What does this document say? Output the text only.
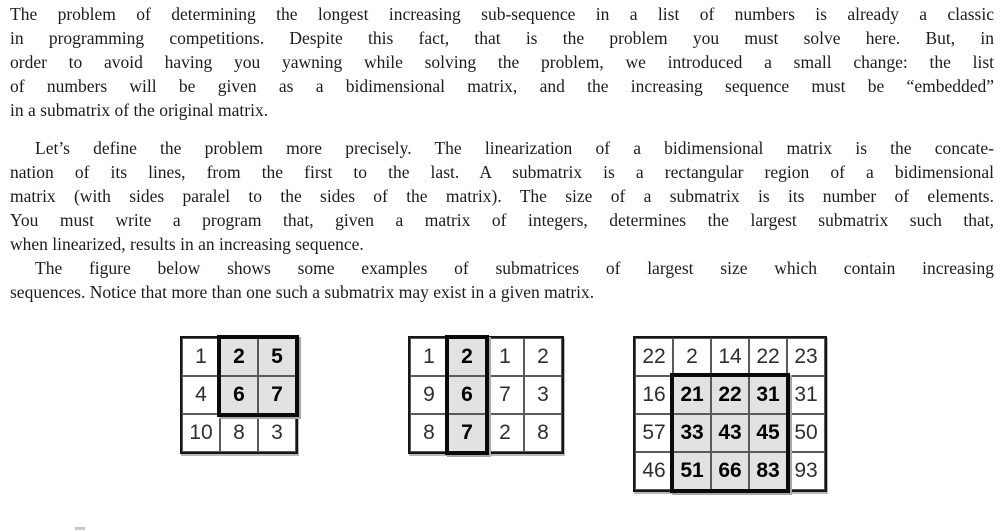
The problem of determining the longest increasing sub-sequence in a list of numbers is already a classic
in programming competitions. Despite this fact, that is the problem you must solve here. But, in
order to avoid having you yawning while solving the problem, we introduced a small change: the list
of numbers will be given as a bidimensional matrix, and the increasing sequence must be “embedded”
in a submatrix of the original matrix.
Let’s define the problem more precisely. The linearization of a bidimensional matrix is the concate-
nation of its lines, from the first to the last. A submatrix is a rectangular region of a bidimensional
matrix (with sides paralel to the sides of the matrix). The size of a submatrix is its number of elements.
You must write a program that, given a matrix of integers, determines the largest submatrix such that,
when linearized, results in an increasing sequence.
The figure below shows some examples of submatrices of largest size which contain increasing
sequences. Notice that more than one such a submatrix may exist in a given matrix.
1	2	5
4	6	7
10 8	3
1	2	1	2
9	6	7	3
8	7	2	8
22 2 14 22 23
16 21 22 31 31
57 33 43 45 50
46 51 66 83 93
